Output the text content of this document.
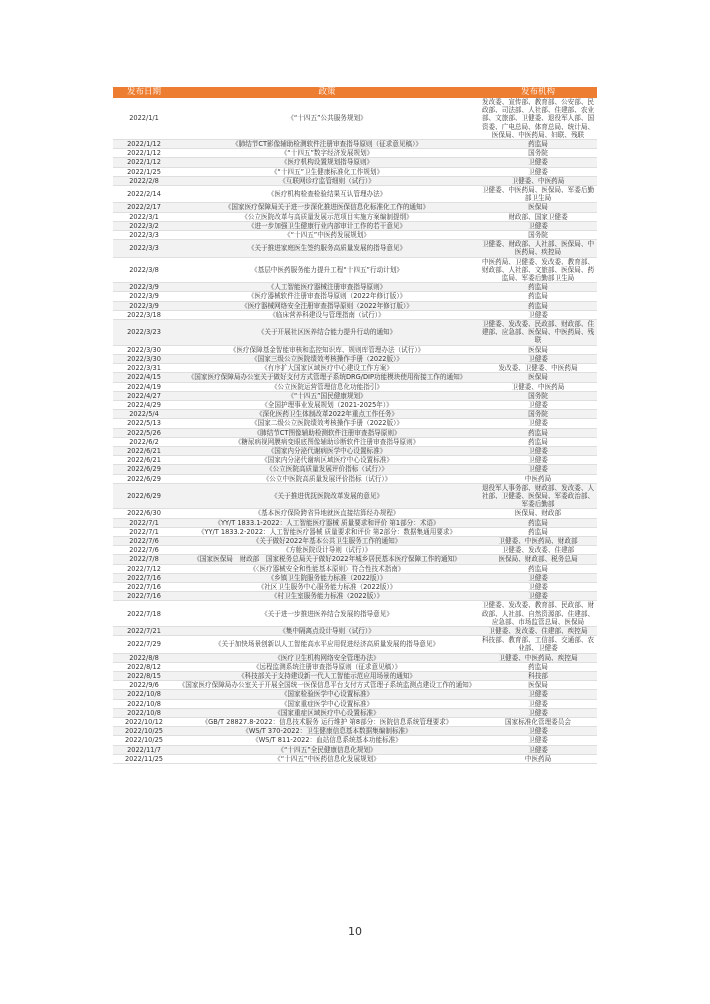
发布日期	政策	发布机构
2022/1/1	《“十四五”公共服务规划》	发改委、宣传部、教育部、公安部、民政部、司法部、人社部、住建部、农业部、文旅部、卫健委、退役军人部、国资委、广电总局、体育总局、统计局、医保局、中医药局、妇联、残联
2022/1/12	《肺结节CT影像辅助检测软件注册审查指导原则（征求意见稿）》	药监局
2022/1/12	《“十四五”数字经济发展规划》	国务院
2022/1/12	《医疗机构设置规划指导原则》	卫健委
2022/1/25	《“十四五”卫生健康标准化工作规划》	卫健委
2022/2/8	《互联网诊疗监管细则（试行）》	卫健委、中医药局
2022/2/14	《医疗机构检查检验结果互认管理办法》	卫健委、中医药局、医保局、军委后勤部卫生局
2022/2/17	《国家医疗保障局关于进一步深化推进医保信息化标准化工作的通知》	医保局
2022/3/1	《公立医院改革与高质量发展示范项目实施方案编制提纲》	财政部、国家卫健委
2022/3/2	《进一步加强卫生健康行业内部审计工作的若干意见》	卫健委
2022/3/3	《“十四五”中医药发展规划》	国务院
2022/3/3	《关于推进家庭医生签约服务高质量发展的指导意见》	卫健委、财政部、人社部、医保局、中医药局、疾控局
2022/3/8	《基层中医药服务能力提升工程“十四五”行动计划》	中医药局、卫健委、发改委、教育部、财政部、人社部、文旅部、医保局、药监局、军委后勤部卫生局
2022/3/9	《人工智能医疗器械注册审查指导原则》	药监局
2022/3/9	《医疗器械软件注册审查指导原则（2022年修订版）》	药监局
2022/3/9	《医疗器械网络安全注册审查指导原则（2022年修订版）》	药监局
2022/3/18	《临床营养科建设与管理指南（试行）》	卫健委
2022/3/23	《关于开展社区医养结合能力提升行动的通知》	卫健委、发改委、民政部、财政部、住建部、应急部、医保局、中医药局、残联
2022/3/30	《医疗保障基金智能审核和监控知识库、规则库管理办法（试行）》	医保局
2022/3/30	《国家三级公立医院绩效考核操作手册（2022版）》	卫健委
2022/3/31	《有序扩大国家区域医疗中心建设工作方案》	发改委、卫健委、中医药局
2022/4/15	《国家医疗保障局办公室关于做好支付方式管理子系统DRG/DIP功能模块使用衔接工作的通知》	医保局
2022/4/19	《公立医院运营管理信息化功能指引》	卫健委、中医药局
2022/4/27	《“十四五”国民健康规划》	国务院
2022/4/29	《全国护理事业发展规划（2021-2025年）》	卫健委
2022/5/4	《深化医药卫生体制改革2022年重点工作任务》	国务院
2022/5/13	《国家二级公立医院绩效考核操作手册（2022版）》	卫健委
2022/5/26	《肺结节CT图像辅助检测软件注册审查指导原则》	药监局
2022/6/2	《糖尿病视网膜病变眼底图像辅助诊断软件注册审查指导原则》	药监局
2022/6/21	《国家内分泌代谢病医学中心设置标准》	卫健委
2022/6/21	《国家内分泌代谢病区域医疗中心设置标准》	卫健委
2022/6/29	《公立医院高质量发展评价指标（试行）》	卫健委
2022/6/29	《公立中医院高质量发展评价指标（试行）》	中医药局
2022/6/29	《关于推进优抚医院改革发展的意见》	退役军人事务部、财政部、发改委、人社部、卫健委、医保局、军委政治部、军委后勤部
2022/6/30	《基本医疗保险跨省异地就医直接结算经办规程》	医保局、财政部
2022/7/1	《YY/T 1833.1-2022：人工智能医疗器械 质量要求和评价 第1部分：术语》	药监局
2022/7/1	《YY/T 1833.2-2022：人工智能医疗器械 质量要求和评价 第2部分：数据集通用要求》	药监局
2022/7/6	《关于做好2022年基本公共卫生服务工作的通知》	卫健委、中医药局、财政部
2022/7/6	《方舱医院设计导则（试行）》	卫健委、发改委、住建部
2022/7/8	《国家医保局　财政部　国家税务总局关于做好2022年城乡居民基本医疗保障工作的通知》	医保局、财政部、税务总局
2022/7/12	《〈医疗器械安全和性能基本原则〉符合性技术指南》	药监局
2022/7/16	《乡镇卫生院服务能力标准（2022版）》	卫健委
2022/7/16	《社区卫生服务中心服务能力标准（2022版）》	卫健委
2022/7/16	《村卫生室服务能力标准（2022版）》	卫健委
2022/7/18	《关于进一步推进医养结合发展的指导意见》	卫健委、发改委、教育部、民政部、财政部、人社部、自然资源部、住建部、应急部、市场监管总局、医保局
2022/7/21	《集中隔离点设计导则（试行）》	卫健委、发改委、住建部、疾控局
2022/7/29	《关于加快场景创新以人工智能高水平应用促进经济高质量发展的指导意见》	科技部、教育部、工信部、交通部、农业部、卫健委
2022/8/8	《医疗卫生机构网络安全管理办法》	卫健委、中医药局、疾控局
2022/8/12	《远程监测系统注册审查指导原则（征求意见稿）》	药监局
2022/8/15	《科技部关于支持建设新一代人工智能示范应用场景的通知》	科技部
2022/9/6	《国家医疗保障局办公室关于开展全国统一医保信息平台支付方式管理子系统监测点建设工作的通知》	医保局
2022/10/8	《国家检验医学中心设置标准》	卫健委
2022/10/8	《国家重症医学中心设置标准》	卫健委
2022/10/8	《国家重症区域医疗中心设置标准》	卫健委
2022/10/12	《GB/T 28827.8-2022：信息技术服务 运行维护 第8部分：医院信息系统管理要求》	国家标准化管理委员会
2022/10/25	《WS/T 370-2022：卫生健康信息基本数据集编制标准》	卫健委
2022/10/25	《WS/T 811-2022：血站信息系统基本功能标准》	卫健委
2022/11/7	《“十四五”全民健康信息化规划》	卫健委
2022/11/25	《“十四五”中医药信息化发展规划》	中医药局
10
